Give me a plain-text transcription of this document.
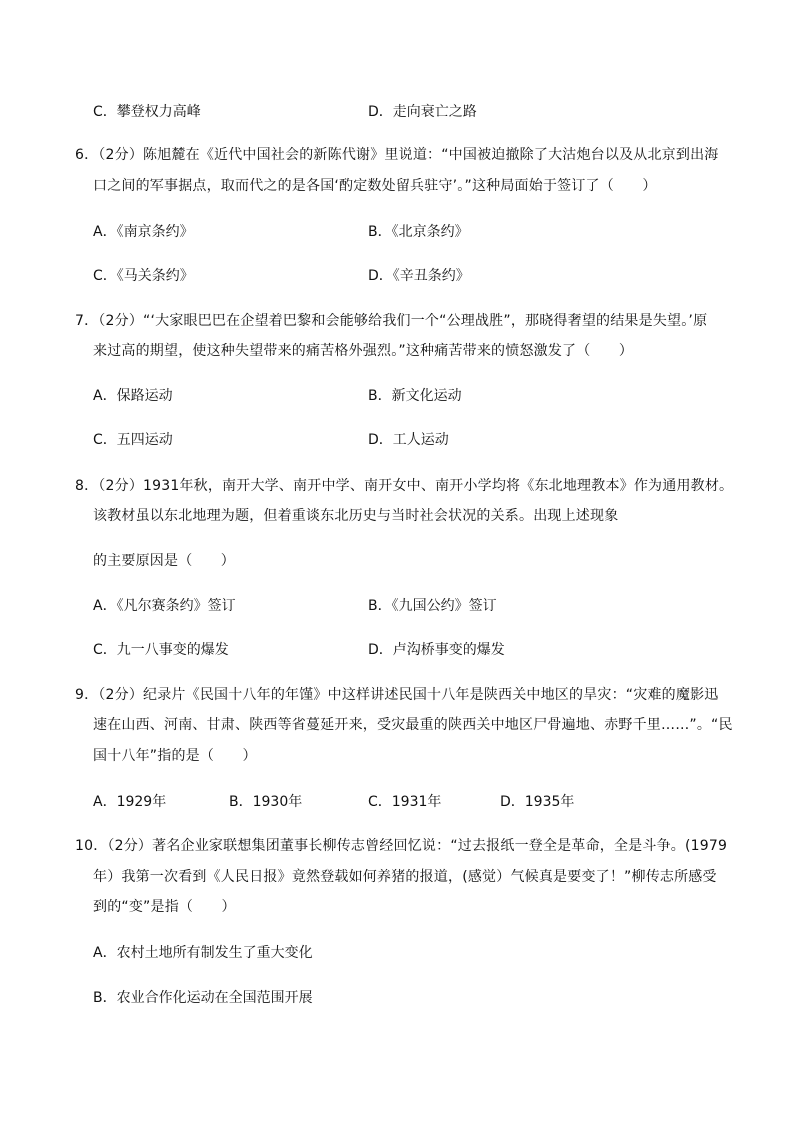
C．攀登权力高峰	D．走向衰亡之路
6．（2分）陈旭麓在《近代中国社会的新陈代谢》里说道：“中国被迫撤除了大沽炮台以及从北京到出海
口之间的军事据点，取而代之的是各国‘酌定数处留兵驻守’。”这种局面始于签订了（　　）
A．《南京条约》	B．《北京条约》
C．《马关条约》	D．《辛丑条约》
7．（2分）“‘大家眼巴巴在企望着巴黎和会能够给我们一个“公理战胜”，那晓得奢望的结果是失望。’原
来过高的期望，使这种失望带来的痛苦格外强烈。”这种痛苦带来的愤怒激发了（　　）
A．保路运动	B．新文化运动
C．五四运动	D．工人运动
8．（2分）1931年秋，南开大学、南开中学、南开女中、南开小学均将《东北地理教本》作为通用教材。
该教材虽以东北地理为题，但着重谈东北历史与当时社会状况的关系。出现上述现象
的主要原因是（　　）
A．《凡尔赛条约》签订	B．《九国公约》签订
C．九一八事变的爆发	D．卢沟桥事变的爆发
9．（2分）纪录片《民国十八年的年馑》中这样讲述民国十八年是陕西关中地区的旱灾：“灾难的魔影迅
速在山西、河南、甘肃、陕西等省蔓延开来，受灾最重的陕西关中地区尸骨遍地、赤野千里……”。“民
国十八年”指的是（　　）
A．1929年	B．1930年	C．1931年	D．1935年
10．（2分）著名企业家联想集团董事长柳传志曾经回忆说：“过去报纸一登全是革命，全是斗争。(1979
年）我第一次看到《人民日报》竟然登载如何养猪的报道，(感觉）气候真是要变了！”柳传志所感受
到的“变”是指（　　）
A．农村土地所有制发生了重大变化
B．农业合作化运动在全国范围开展
